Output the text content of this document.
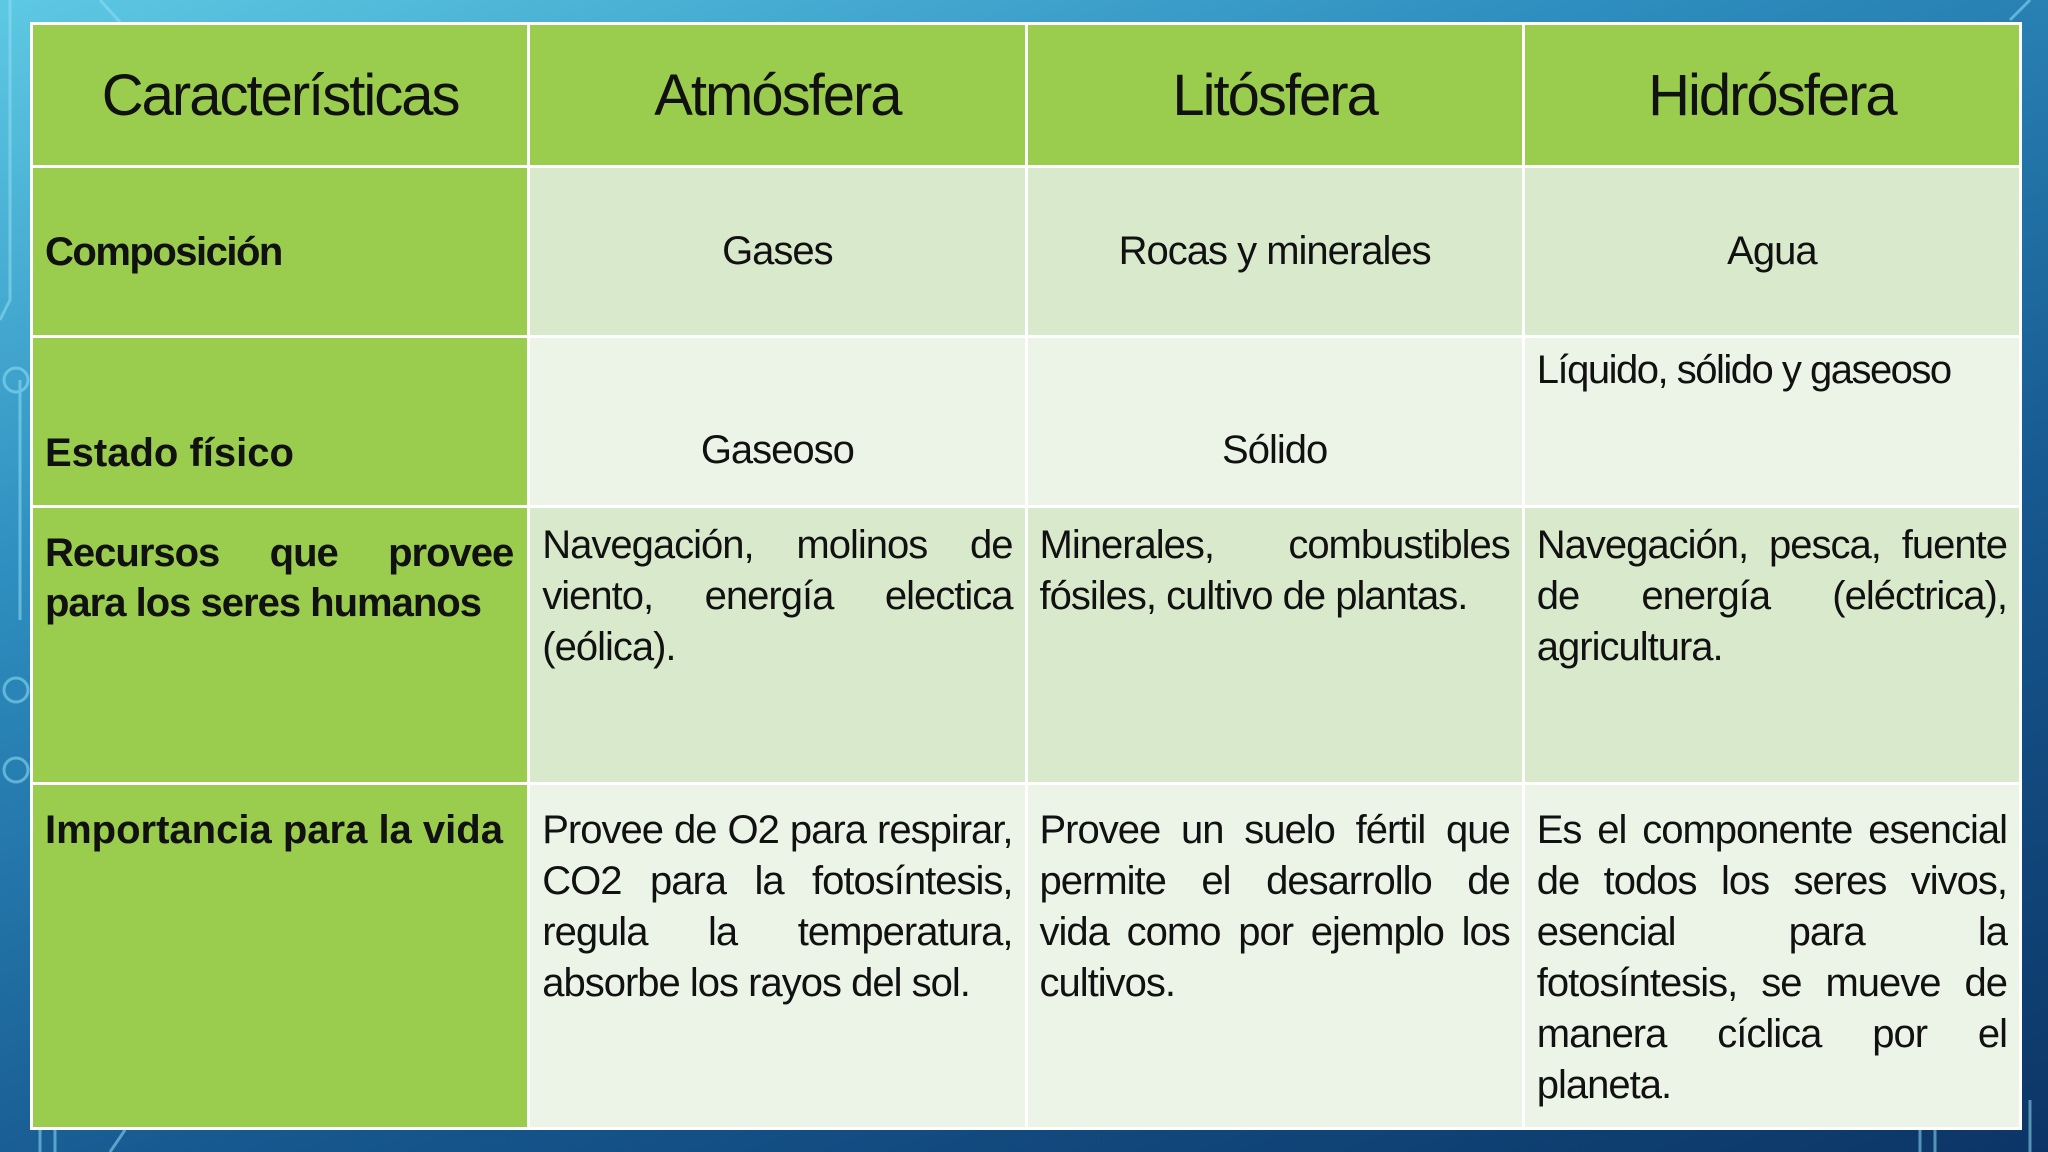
Características	Atmósfera	Litósfera	Hidrósfera
Composición	Gases	Rocas y minerales	Agua
Estado físico	Gaseoso	Sólido	Líquido, sólido y gaseoso
Recursos que provee para los seres humanos	Navegación, molinos de viento, energía electica (eólica).	Minerales, combustibles fósiles, cultivo de plantas.	Navegación, pesca, fuente de energía (eléctrica), agricultura.
Importancia para la vida	Provee de O2 para respirar, CO2 para la fotosíntesis, regula la temperatura, absorbe los rayos del sol.	Provee un suelo fértil que permite el desarrollo de vida como por ejemplo los cultivos.	Es el componente esencial de todos los seres vivos, esencial para la fotosíntesis, se mueve de manera cíclica por el planeta.
